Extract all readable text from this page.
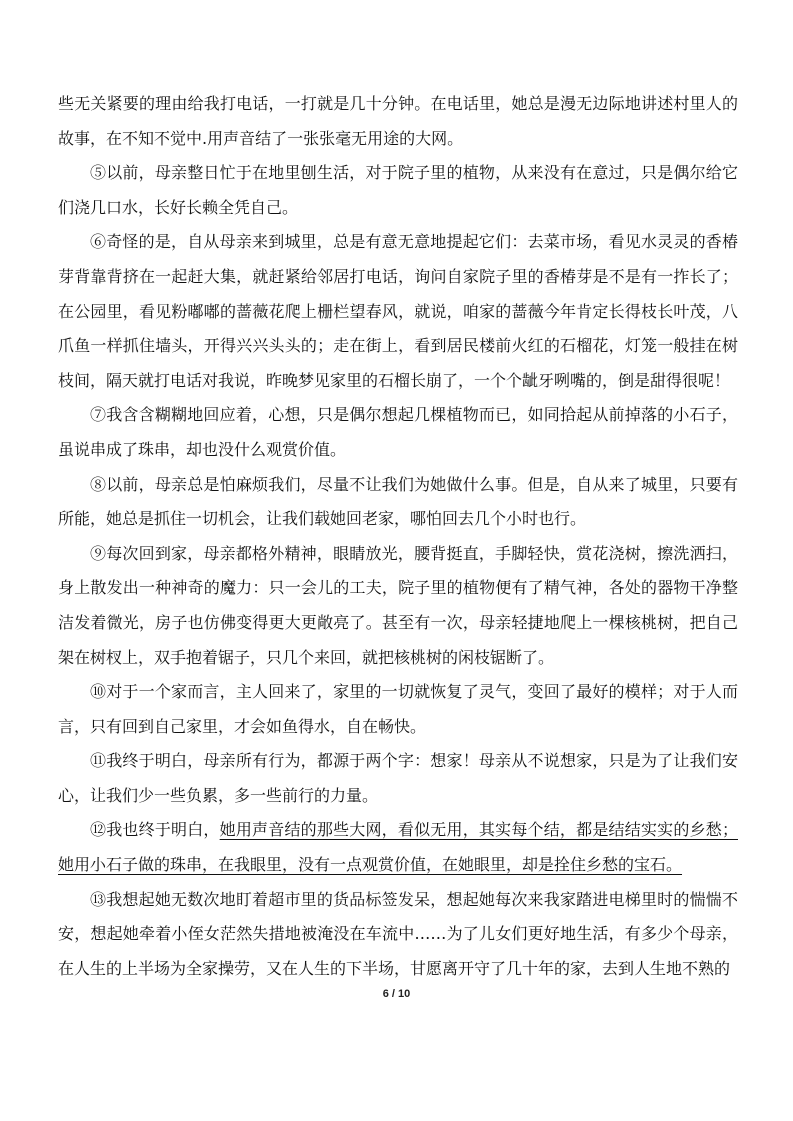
些无关紧要的理由给我打电话，一打就是几十分钟。在电话里，她总是漫无边际地讲述村里人的故事，在不知不觉中.用声音结了一张张毫无用途的大网。

⑤以前，母亲整日忙于在地里刨生活，对于院子里的植物，从来没有在意过，只是偶尔给它们浇几口水，长好长赖全凭自己。

⑥奇怪的是，自从母亲来到城里，总是有意无意地提起它们：去菜市场，看见水灵灵的香椿芽背靠背挤在一起赶大集，就赶紧给邻居打电话，询问自家院子里的香椿芽是不是有一拃长了；在公园里，看见粉嘟嘟的蔷薇花爬上栅栏望春风，就说，咱家的蔷薇今年肯定长得枝长叶茂，八爪鱼一样抓住墙头，开得兴兴头头的；走在街上，看到居民楼前火红的石榴花，灯笼一般挂在树枝间，隔天就打电话对我说，昨晚梦见家里的石榴长崩了，一个个龇牙咧嘴的，倒是甜得很呢！

⑦我含含糊糊地回应着，心想，只是偶尔想起几棵植物而已，如同拾起从前掉落的小石子，虽说串成了珠串，却也没什么观赏价值。

⑧以前，母亲总是怕麻烦我们，尽量不让我们为她做什么事。但是，自从来了城里，只要有所能，她总是抓住一切机会，让我们载她回老家，哪怕回去几个小时也行。

⑨每次回到家，母亲都格外精神，眼睛放光，腰背挺直，手脚轻快，赏花浇树，擦洗洒扫，身上散发出一种神奇的魔力：只一会儿的工夫，院子里的植物便有了精气神，各处的器物干净整洁发着微光，房子也仿佛变得更大更敞亮了。甚至有一次，母亲轻捷地爬上一棵核桃树，把自己架在树杈上，双手抱着锯子，只几个来回，就把核桃树的闲枝锯断了。

⑩对于一个家而言，主人回来了，家里的一切就恢复了灵气，变回了最好的模样；对于人而言，只有回到自己家里，才会如鱼得水，自在畅快。

⑪我终于明白，母亲所有行为，都源于两个字：想家！母亲从不说想家，只是为了让我们安心，让我们少一些负累，多一些前行的力量。

⑫我也终于明白，她用声音结的那些大网，看似无用，其实每个结，都是结结实实的乡愁；她用小石子做的珠串，在我眼里，没有一点观赏价值，在她眼里，却是拴住乡愁的宝石。

⑬我想起她无数次地盯着超市里的货品标签发呆，想起她每次来我家踏进电梯里时的惴惴不安，想起她牵着小侄女茫然失措地被淹没在车流中……为了儿女们更好地生活，有多少个母亲，在人生的上半场为全家操劳，又在人生的下半场，甘愿离开守了几十年的家，去到人生地不熟的

6 / 10
